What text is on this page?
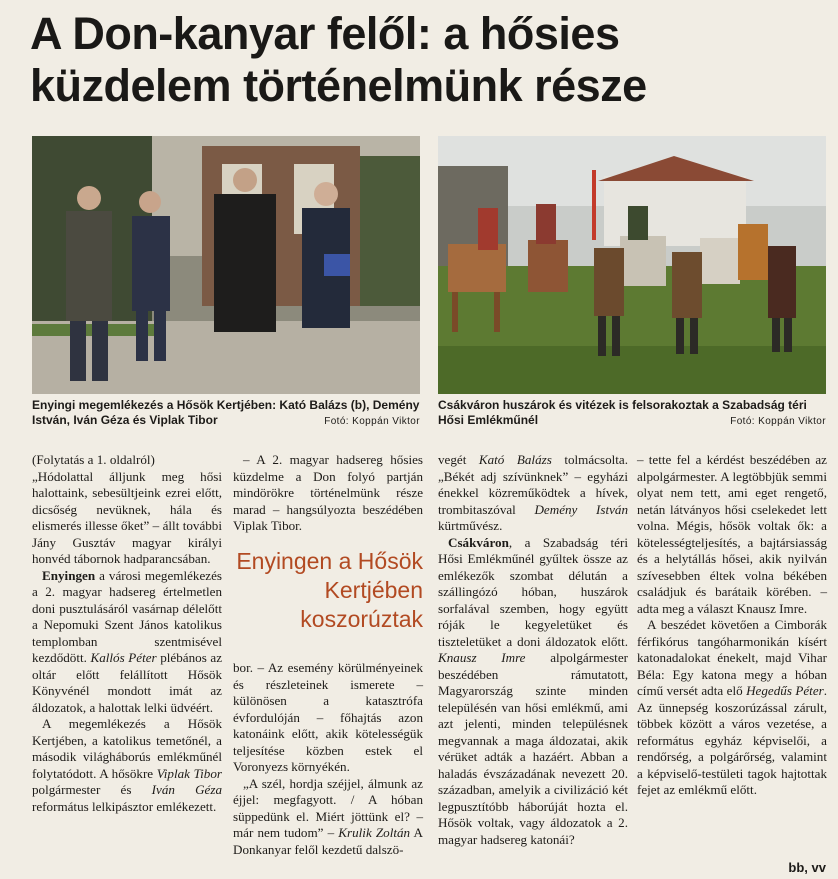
A Don-kanyar felől: a hősies küzdelem történelmünk része
Enyingi megemlékezés a Hősök Kertjében: Kató Balázs (b), Demény István, Iván Géza és Viplak Tibor	Fotó: Koppán Viktor
Csákváron huszárok és vitézek is felsorakoztak a Szabadság téri Hősi Emlékműnél	Fotó: Koppán Viktor

(Folytatás a 1. oldalról)

„Hódolattal álljunk meg hősi halottaink, sebesültjeink ezrei előtt, dicsőség nevüknek, hála és elismerés illesse őket” – állt további Jány Gusztáv magyar királyi honvéd tábornok hadparancsában.

Enyingen a városi megemlékezés a 2. magyar hadsereg értelmetlen doni pusztulásáról vasárnap délelőtt a Nepomuki Szent János katolikus templomban szentmisével kezdődött. Kallós Péter plébános az oltár előtt felállított Hősök Könyvénél mondott imát az áldozatok, a halottak lelki üdvéért.

A megemlékezés a Hősök Kertjében, a katolikus temetőnél, a második világháborús emlékműnél folytatódott. A hősökre Viplak Tibor polgármester és Iván Géza református lelkipásztor emlékezett.

– A 2. magyar hadsereg hősies küzdelme a Don folyó partján mindörökre történelmünk része marad – hangsúlyozta beszédében Viplak Tibor.

Enyingen a Hősök Kertjében koszorúztak

bor. – Az esemény körülményeinek és részleteinek ismerete – különösen a katasztrófa évfordulóján – főhajtás azon katonáink előtt, akik kötelességük teljesítése közben estek el Voronyezs környékén.

„A szél, hordja széjjel, álmunk az éjjel: megfagyott. / A hóban süppedünk el. Miért jöttünk el? – már nem tudom” – Krulik Zoltán A Donkanyar felől kezdetű dalszö-

vegét Kató Balázs tolmácsolta. „Békét adj szívünknek” – egyházi énekkel közreműködtek a hívek, trombitaszóval Demény István kürtművész.

Csákváron, a Szabadság téri Hősi Emlékműnél gyűltek össze az emlékezők szombat délután a szállingózó hóban, huszárok sorfalával szemben, hogy együtt róják le kegyeletüket és tiszteletüket a doni áldozatok előtt. Knausz Imre alpolgármester beszédében rámutatott, Magyarország szinte minden településén van hősi emlékmű, ami azt jelenti, minden településnek megvannak a maga áldozatai, akik vérüket adták a hazáért. Abban a haladás évszázadának nevezett 20. században, amelyik a civilizáció két legpusztítóbb háborúját hozta el. Hősök voltak, vagy áldozatok a 2. magyar hadsereg katonái?

– tette fel a kérdést beszédében az alpolgármester. A legtöbbjük semmi olyat nem tett, ami eget rengető, netán látványos hősi cselekedet lett volna. Mégis, hősök voltak ők: a kötelességteljesítés, a bajtársiasság és a helytállás hősei, akik nyilván szívesebben éltek volna békében családjuk és barátaik körében. – adta meg a választ Knausz Imre.

A beszédet követően a Cimborák férfikórus tangóharmonikán kísért katonadalokat énekelt, majd Vihar Béla: Egy katona megy a hóban című versét adta elő Hegedűs Péter. Az ünnepség koszorúzással zárult, többek között a város vezetése, a református egyház képviselői, a rendőrség, a polgárőrség, valamint a képviselő-testületi tagok hajtottak fejet az emlékmű előtt.

bb, vv
